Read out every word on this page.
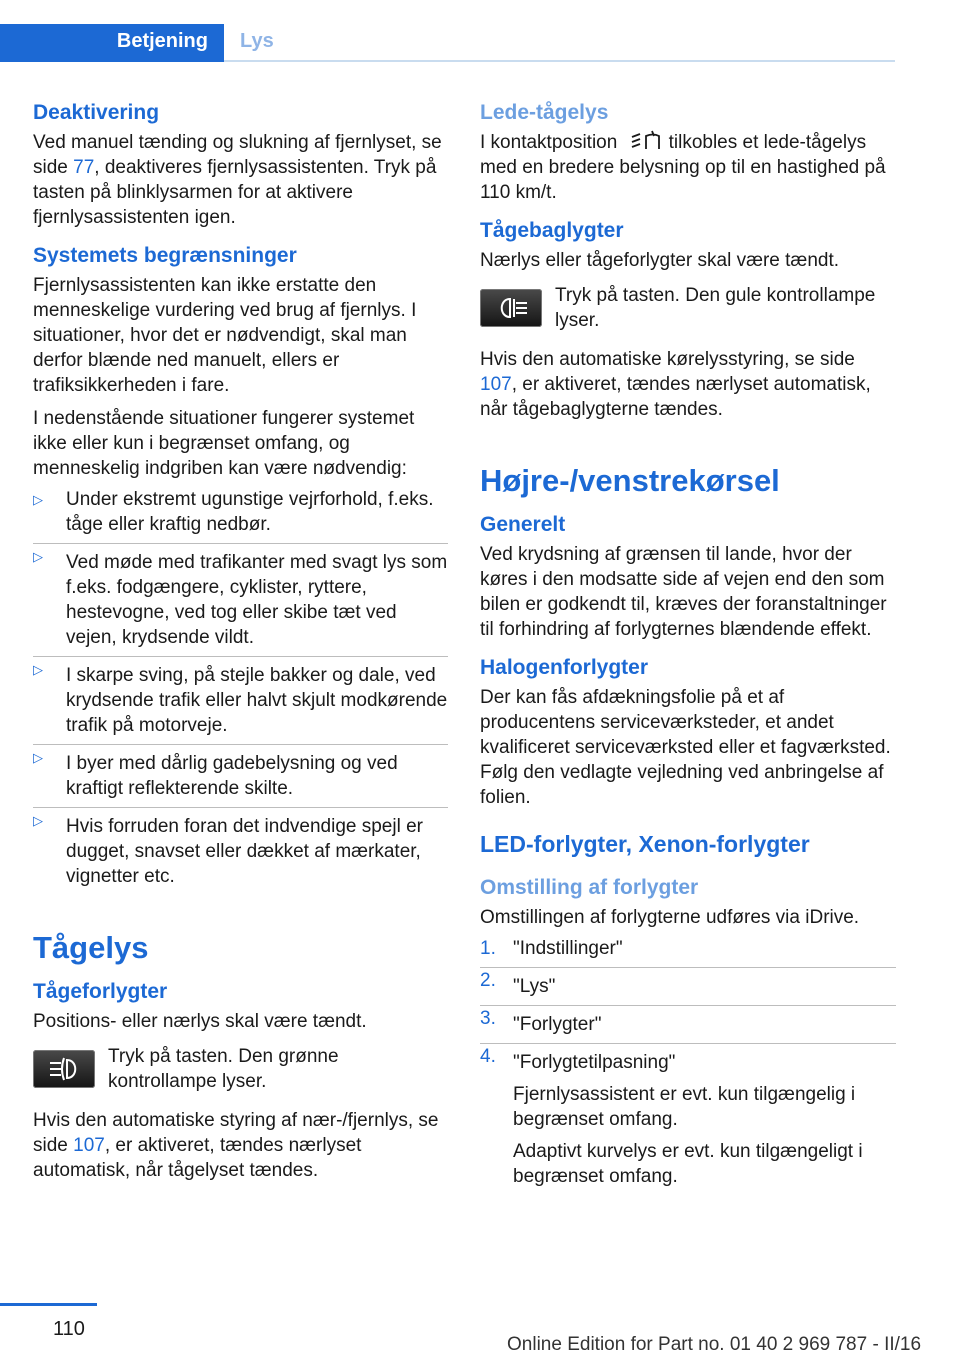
Betjening Lys
Deaktivering

Ved manuel tænding og slukning af fjernlyset, se side 77, deaktiveres fjernlysassistenten. Tryk på tasten på blinklysarmen for at aktivere fjernlysassistenten igen.

Systemets begrænsninger

Fjernlysassistenten kan ikke erstatte den menneskelige vurdering ved brug af fjernlys. I situationer, hvor det er nødvendigt, skal man derfor blænde ned manuelt, ellers er trafiksikkerheden i fare.

I nedenstående situationer fungerer systemet ikke eller kun i begrænset omfang, og menneskelig indgriben kan være nødvendig:

▷ Under ekstremt ugunstige vejrforhold, f.eks. tåge eller kraftig nedbør.
▷ Ved møde med trafikanter med svagt lys som f.eks. fodgængere, cyklister, ryttere, hestevogne, ved tog eller skibe tæt ved vejen, krydsende vildt.
▷ I skarpe sving, på stejle bakker og dale, ved krydsende trafik eller halvt skjult modkørende trafik på motorveje.
▷ I byer med dårlig gadebelysning og ved kraftigt reflekterende skilte.
▷ Hvis forruden foran det indvendige spejl er dugget, snavset eller dækket af mærkater, vignetter etc.
Tågelys
Tågeforlygter

Positions- eller nærlys skal være tændt.

Tryk på tasten. Den grønne kontrollampe lyser.

Hvis den automatiske styring af nær-/fjernlys, se side 107, er aktiveret, tændes nærlyset automatisk, når tågelyset tændes.

Lede-tågelys

I kontaktposition	tilkobles et lede-tågelys med en bredere belysning op til en hastighed på 110 km/t.

Tågebaglygter

Nærlys eller tågeforlygter skal være tændt.

Tryk på tasten. Den gule kontrollampe lyser.

Hvis den automatiske kørelysstyring, se side 107, er aktiveret, tændes nærlyset automatisk, når tågebaglygterne tændes.

Højre-/venstrekørsel
Generelt

Ved krydsning af grænsen til lande, hvor der køres i den modsatte side af vejen end den som bilen er godkendt til, kræves der foranstaltninger til forhindring af forlygternes blændende effekt.

Halogenforlygter

Der kan fås afdækningsfolie på et af producentens serviceværksteder, et andet kvalificeret serviceværksted eller et fagværksted. Følg den vedlagte vejledning ved anbringelse af folien.

LED-forlygter, Xenon-forlygter
Omstilling af forlygter

Omstillingen af forlygterne udføres via iDrive.

1. "Indstillinger"
2. "Lys"
3. "Forlygter"
4. "Forlygtetilpasning"
Fjernlysassistent er evt. kun tilgængelig i begrænset omfang.
Adaptivt kurvelys er evt. kun tilgængeligt i begrænset omfang.
110
Online Edition for Part no. 01 40 2 969 787 - II/16
